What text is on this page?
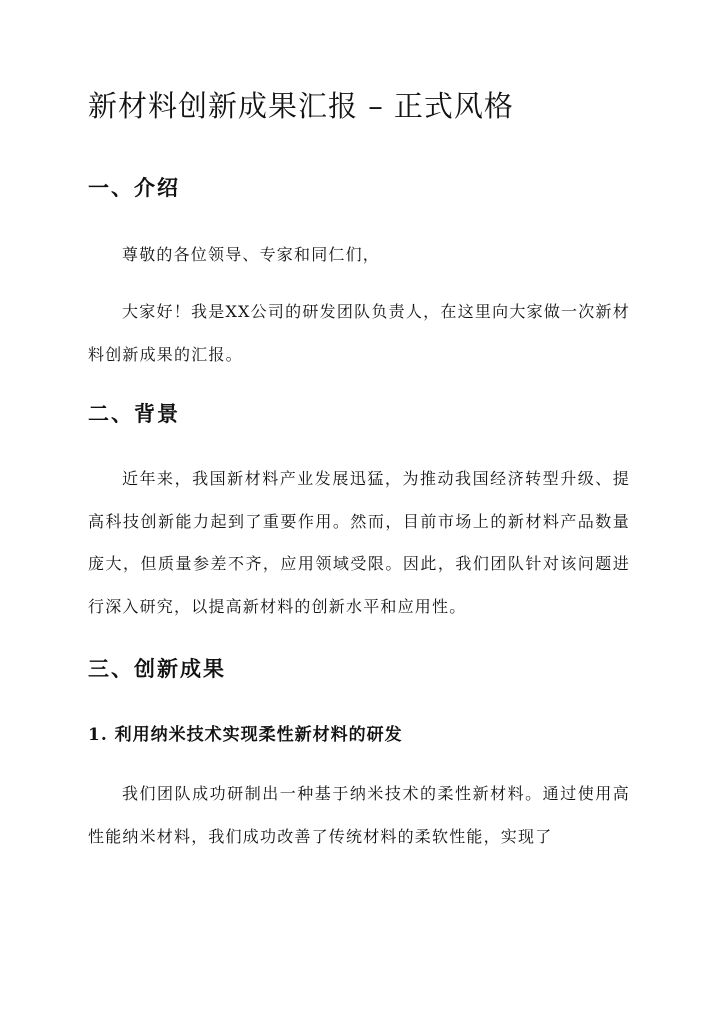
新材料创新成果汇报 – 正式风格
一、介绍

尊敬的各位领导、专家和同仁们，

大家好！我是XX公司的研发团队负责人，在这里向大家做一次新材料创新成果的汇报。

二、背景

近年来，我国新材料产业发展迅猛，为推动我国经济转型升级、提高科技创新能力起到了重要作用。然而，目前市场上的新材料产品数量庞大，但质量参差不齐，应用领域受限。因此，我们团队针对该问题进行深入研究，以提高新材料的创新水平和应用性。

三、创新成果
1. 利用纳米技术实现柔性新材料的研发

我们团队成功研制出一种基于纳米技术的柔性新材料。通过使用高性能纳米材料，我们成功改善了传统材料的柔软性能，实现了
